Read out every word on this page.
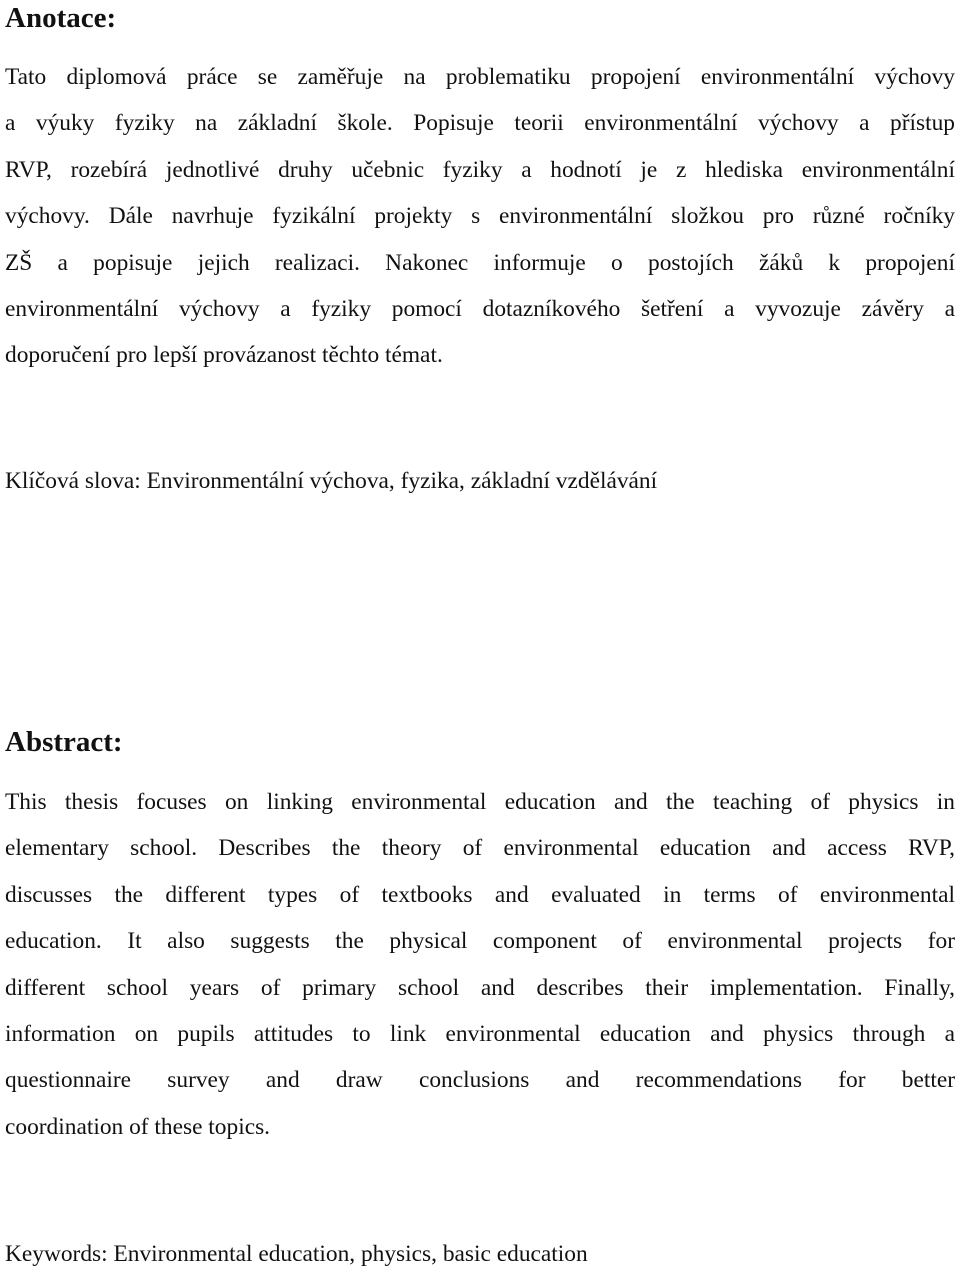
Anotace:
Tato diplomová práce se zaměřuje na problematiku propojení environmentální výchovy
a výuky fyziky na základní škole. Popisuje teorii environmentální výchovy a přístup
RVP, rozebírá jednotlivé druhy učebnic fyziky a hodnotí je z hlediska environmentální
výchovy. Dále navrhuje fyzikální projekty s environmentální složkou pro různé ročníky
ZŠ a popisuje jejich realizaci. Nakonec informuje o postojích žáků k propojení
environmentální výchovy a fyziky pomocí dotazníkového šetření a vyvozuje závěry a
doporučení pro lepší provázanost těchto témat.
Klíčová slova: Environmentální výchova, fyzika, základní vzdělávání
Abstract:
This thesis focuses on linking environmental education and the teaching of physics in
elementary school. Describes the theory of environmental education and access RVP,
discusses the different types of textbooks and evaluated in terms of environmental
education. It also suggests the physical component of environmental projects for
different school years of primary school and describes their implementation. Finally,
information on pupils attitudes to link environmental education and physics through a
questionnaire survey and draw conclusions and recommendations for better
coordination of these topics.
Keywords: Environmental education, physics, basic education
